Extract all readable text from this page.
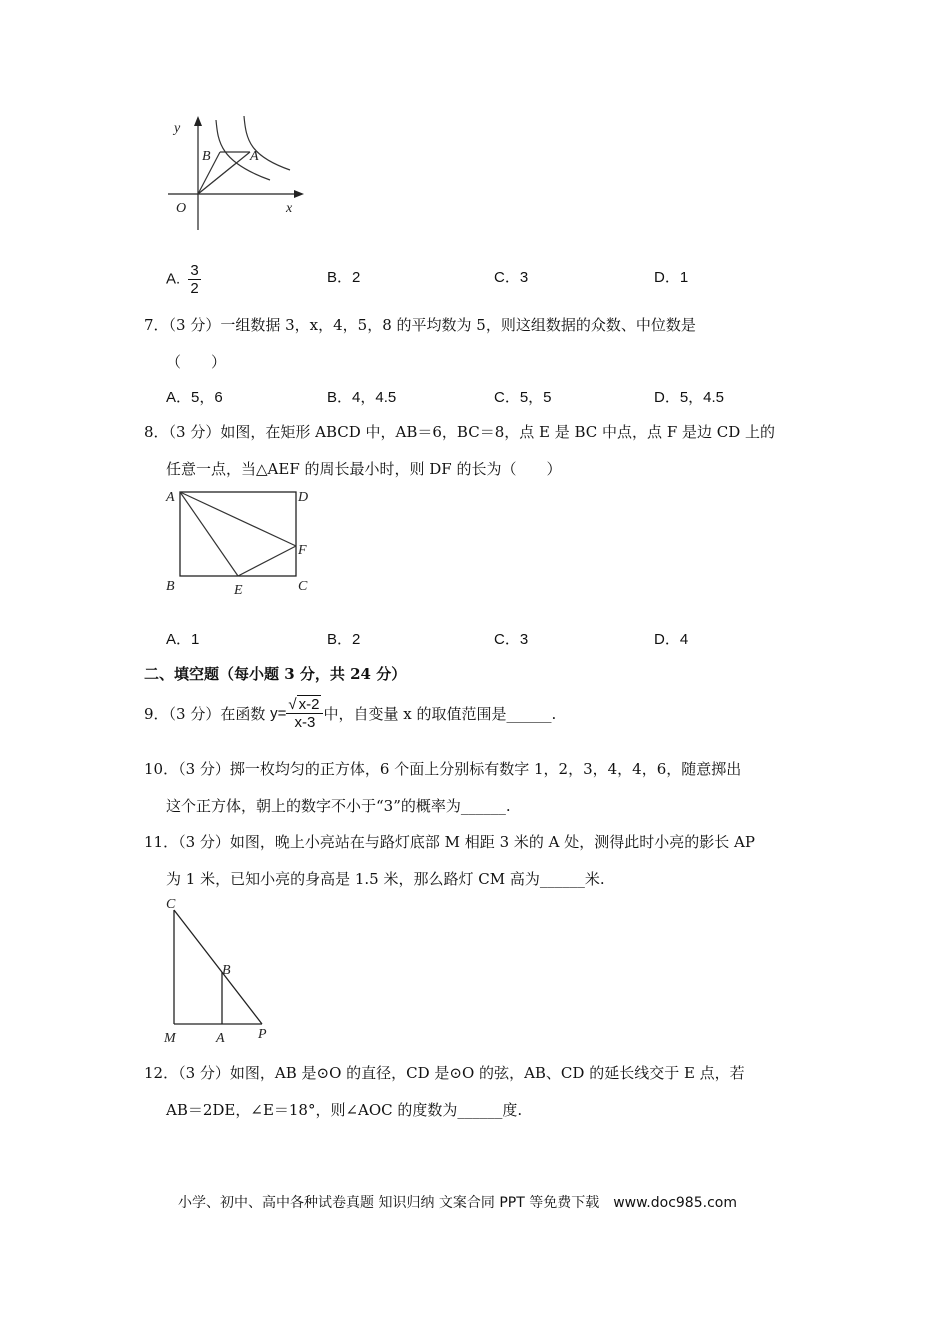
y
x
O
B	A
A. $\frac{3}{2}$	B．2	C．3	D．1
7．（3 分）一组数据 3，x，4，5，8 的平均数为 5，则这组数据的众数、中位数是
（　　）
A．5，6	B．4，4.5	C．5，5	D．5，4.5
8．（3 分）如图，在矩形 ABCD 中，AB＝6，BC＝8，点 E 是 BC 中点，点 F 是边 CD 上的
任意一点，当△AEF 的周长最小时，则 DF 的长为（　　）
A	D
F
B	C
E
A．1	B．2	C．3	D．4
二、填空题（每小题 3 分，共 24 分）
9．（3 分）在函数 $y= \frac{√ x-2}{x-3}$ 中，自变量 x 的取值范围是______.
10．（3 分）掷一枚均匀的正方体，6 个面上分别标有数字 1，2，3，4，4，6，随意掷出
这个正方体，朝上的数字不小于“3”的概率为______.
11．（3 分）如图，晚上小亮站在与路灯底部 M 相距 3 米的 A 处，测得此时小亮的影长 AP
为 1 米，已知小亮的身高是 1.5 米，那么路灯 CM 高为______米.
C
B
M	A P
12．（3 分）如图，AB 是⊙O 的直径，CD 是⊙O 的弦，AB、CD 的延长线交于 E 点，若
AB＝2DE，∠E＝18°，则∠AOC 的度数为______度.
小学、初中、高中各种试卷真题 知识归纳 文案合同 PPT 等免费下载　www.doc985.com
